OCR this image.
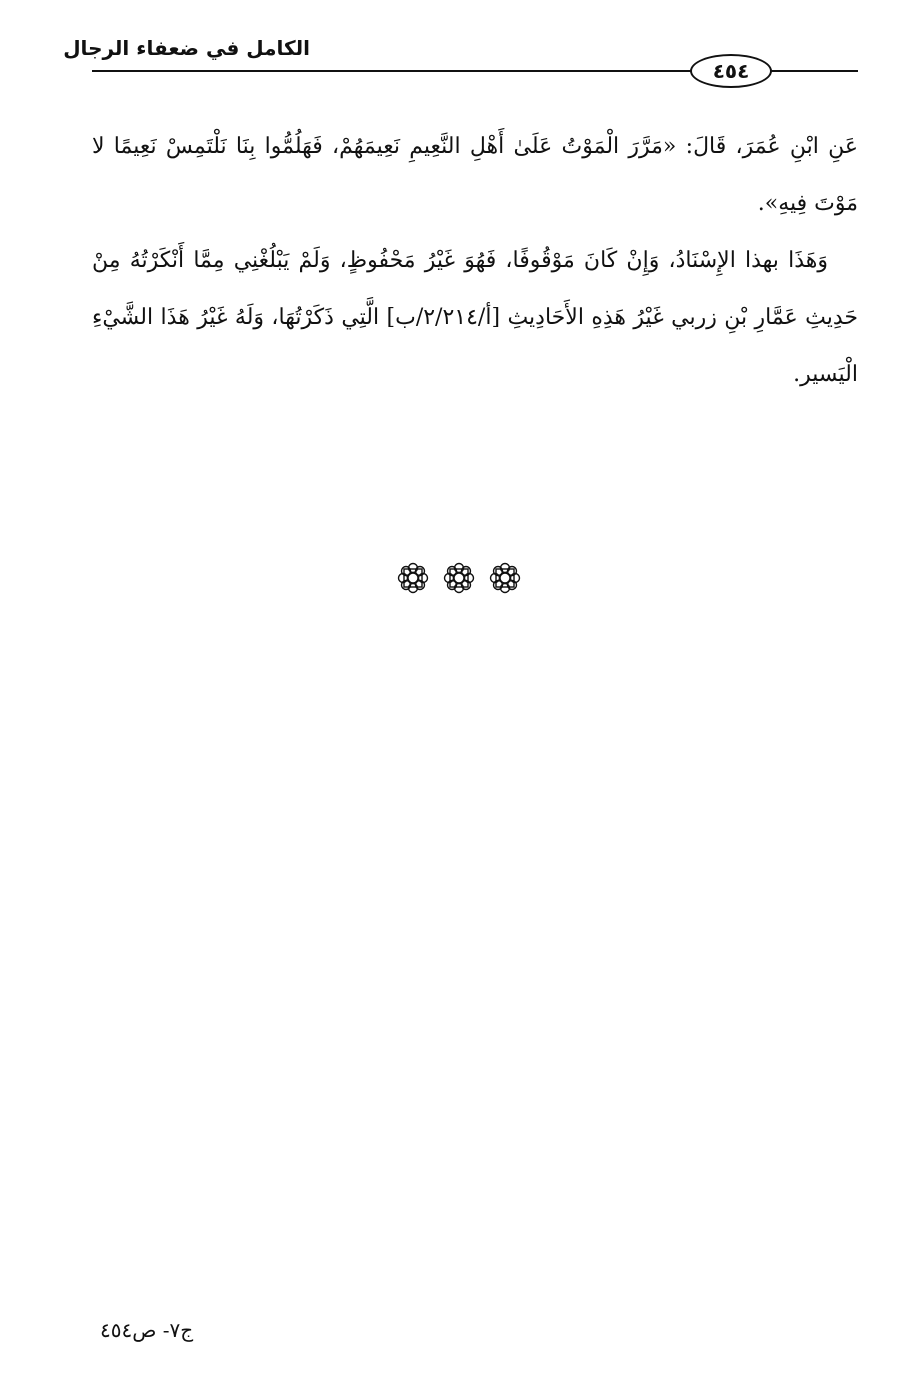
الكامل في ضعفاء الرجال
٤٥٤

عَنِ ابْنِ عُمَرَ، قَالَ: «مَرَّرَ الْمَوْتُ عَلَىٰ أَهْلِ النَّعِيمِ نَعِيمَهُمْ، فَهَلُمُّوا بِنَا نَلْتَمِسْ نَعِيمًا لا مَوْتَ فِيهِ».

وَهَذَا بهذا الإِسْنَادُ، وَإِنْ كَانَ مَوْقُوفًا، فَهُوَ غَيْرُ مَحْفُوظٍ، وَلَمْ يَبْلُغْنِي مِمَّا أَنْكَرْتُهُ مِنْ حَدِيثِ عَمَّارِ بْنِ زربي غَيْرُ هَذِهِ الأَحَادِيثِ [أ/٢/٢١٤/ب] الَّتِي ذَكَرْتُهَا، وَلَهُ غَيْرُ هَذَا الشَّيْءِ الْيَسير.

ج٧- ص٤٥٤
